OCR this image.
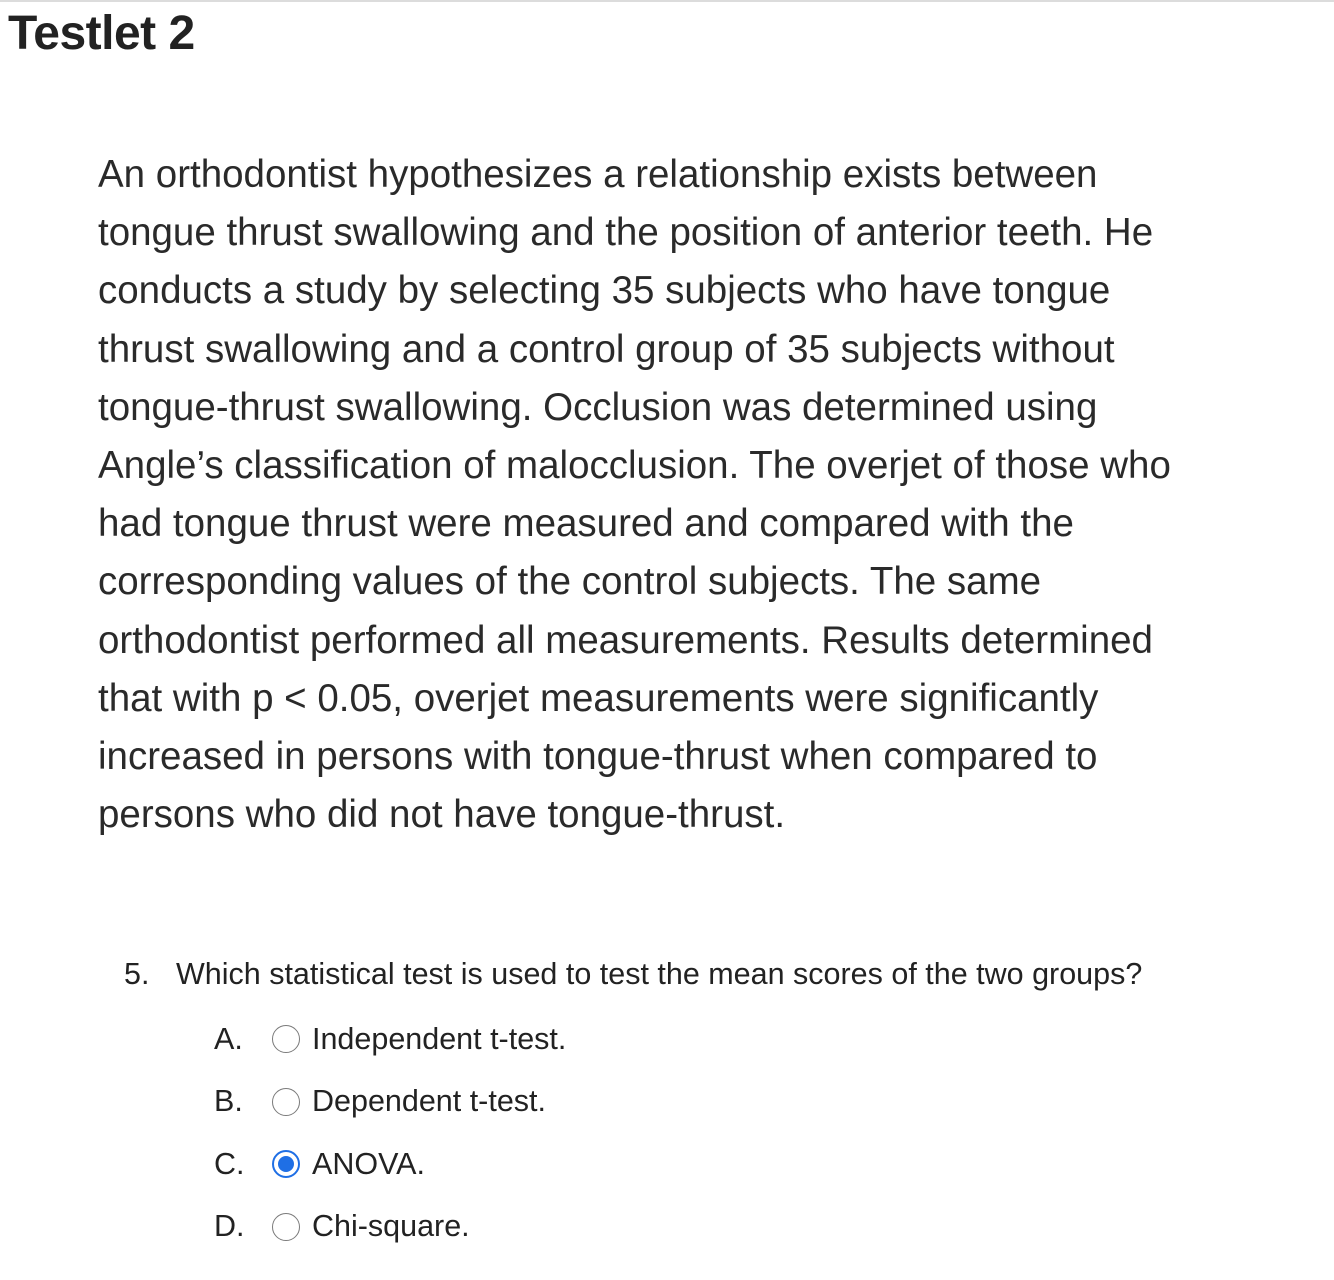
Testlet 2

An orthodontist hypothesizes a relationship exists between tongue thrust swallowing and the position of anterior teeth. He conducts a study by selecting 35 subjects who have tongue thrust swallowing and a control group of 35 subjects without tongue-thrust swallowing. Occlusion was determined using Angle’s classification of malocclusion. The overjet of those who had tongue thrust were measured and compared with the corresponding values of the control subjects. The same orthodontist performed all measurements. Results determined that with p < 0.05, overjet measurements were significantly increased in persons with tongue-thrust when compared to persons who did not have tongue-thrust.

5. Which statistical test is used to test the mean scores of the two groups?

A.	Independent t-test.
B.	Dependent t-test.
C.	ANOVA.
D.	Chi-square.
